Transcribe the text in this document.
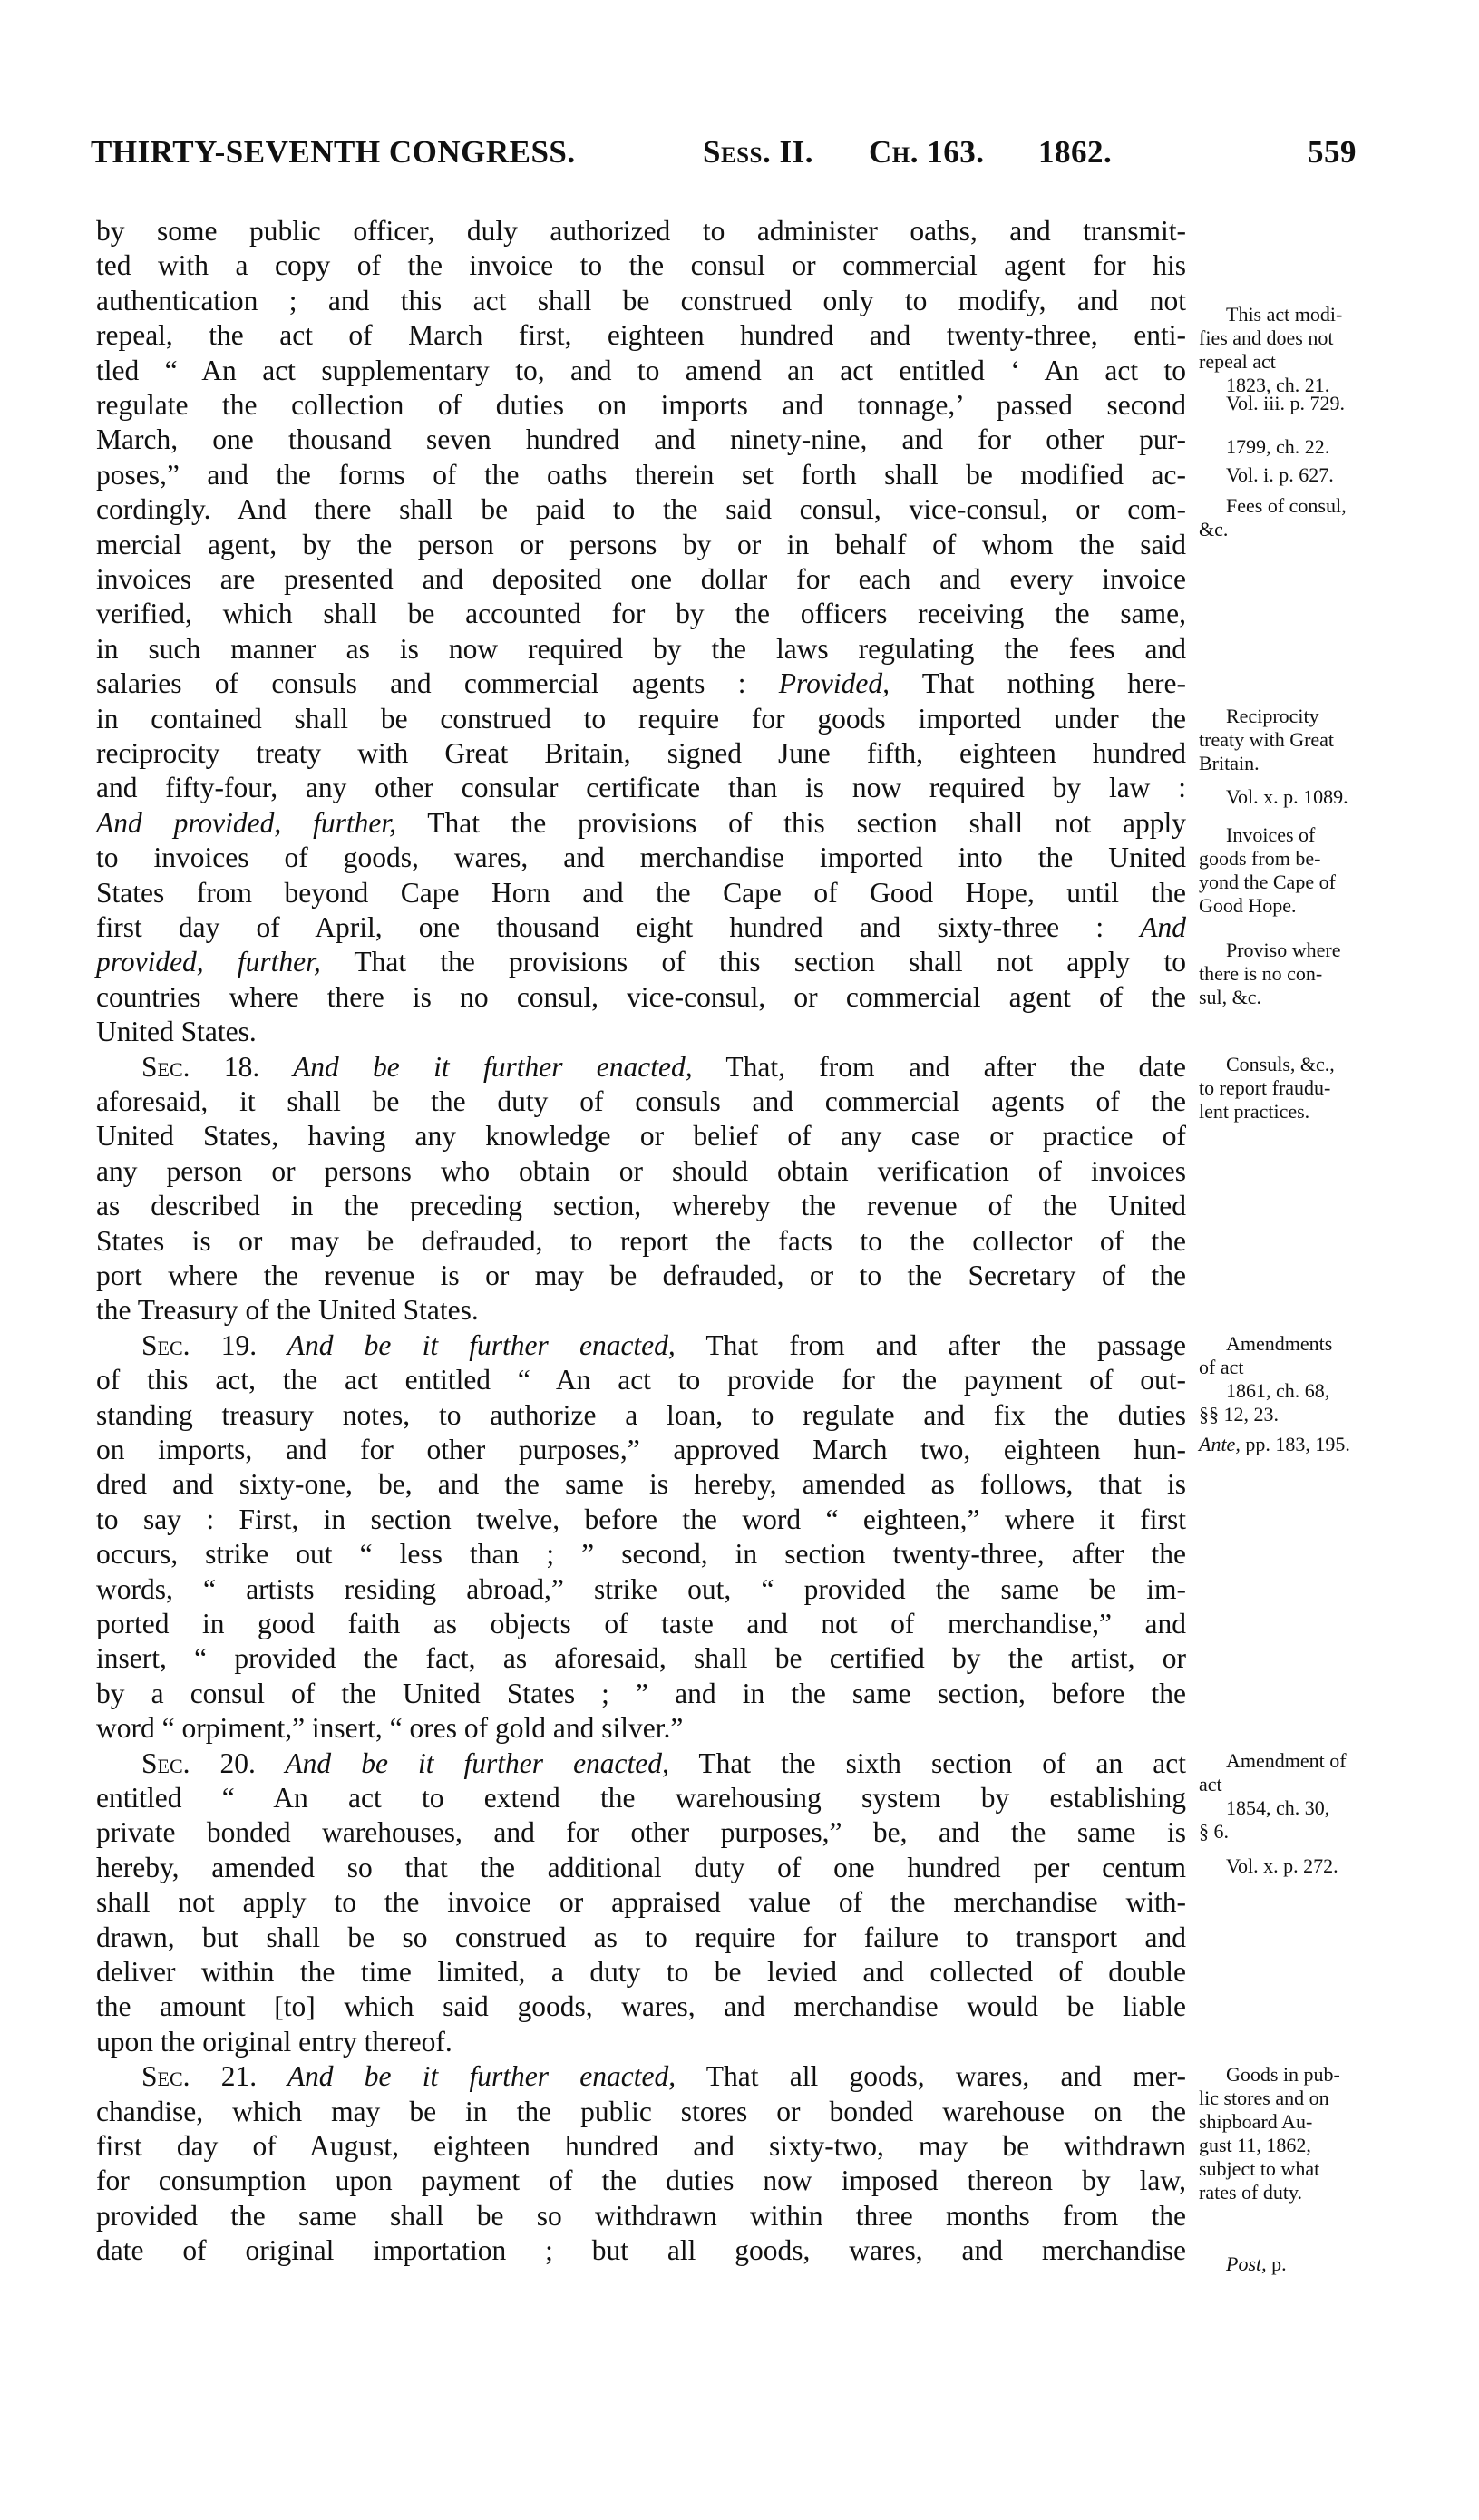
THIRTY-SEVENTH CONGRESS.	Sess. II. Ch. 163. 1862.	559
by some public officer, duly authorized to administer oaths, and transmit-
ted with a copy of the invoice to the consul or commercial agent for his
authentication ; and this act shall be construed only to modify, and not
repeal, the act of March first, eighteen hundred and twenty-three, enti-
tled “ An act supplementary to, and to amend an act entitled ‘ An act to
regulate the collection of duties on imports and tonnage,’ passed second
March, one thousand seven hundred and ninety-nine, and for other pur-
poses,” and the forms of the oaths therein set forth shall be modified ac-
cordingly. And there shall be paid to the said consul, vice-consul, or com-
mercial agent, by the person or persons by or in behalf of whom the said
invoices are presented and deposited one dollar for each and every invoice
verified, which shall be accounted for by the officers receiving the same,
in such manner as is now required by the laws regulating the fees and
salaries of consuls and commercial agents : Provided, That nothing here-
in contained shall be construed to require for goods imported under the
reciprocity treaty with Great Britain, signed June fifth, eighteen hundred
and fifty-four, any other consular certificate than is now required by law :
And provided, further, That the provisions of this section shall not apply
to invoices of goods, wares, and merchandise imported into the United
States from beyond Cape Horn and the Cape of Good Hope, until the
first day of April, one thousand eight hundred and sixty-three : And
provided, further, That the provisions of this section shall not apply to
countries where there is no consul, vice-consul, or commercial agent of the
United States.
Sec. 18. And be it further enacted, That, from and after the date
aforesaid, it shall be the duty of consuls and commercial agents of the
United States, having any knowledge or belief of any case or practice of
any person or persons who obtain or should obtain verification of invoices
as described in the preceding section, whereby the revenue of the United
States is or may be defrauded, to report the facts to the collector of the
port where the revenue is or may be defrauded, or to the Secretary of the
the Treasury of the United States.
Sec. 19. And be it further enacted, That from and after the passage
of this act, the act entitled “ An act to provide for the payment of out-
standing treasury notes, to authorize a loan, to regulate and fix the duties
on imports, and for other purposes,” approved March two, eighteen hun-
dred and sixty-one, be, and the same is hereby, amended as follows, that is
to say : First, in section twelve, before the word “ eighteen,” where it first
occurs, strike out “ less than ; ” second, in section twenty-three, after the
words, “ artists residing abroad,” strike out, “ provided the same be im-
ported in good faith as objects of taste and not of merchandise,” and
insert, “ provided the fact, as aforesaid, shall be certified by the artist, or
by a consul of the United States ; ” and in the same section, before the
word “ orpiment,” insert, “ ores of gold and silver.”
Sec. 20. And be it further enacted, That the sixth section of an act
entitled “ An act to extend the warehousing system by establishing
private bonded warehouses, and for other purposes,” be, and the same is
hereby, amended so that the additional duty of one hundred per centum
shall not apply to the invoice or appraised value of the merchandise with-
drawn, but shall be so construed as to require for failure to transport and
deliver within the time limited, a duty to be levied and collected of double
the amount [to] which said goods, wares, and merchandise would be liable
upon the original entry thereof.
Sec. 21. And be it further enacted, That all goods, wares, and mer-
chandise, which may be in the public stores or bonded warehouse on the
first day of August, eighteen hundred and sixty-two, may be withdrawn
for consumption upon payment of the duties now imposed thereon by law,
provided the same shall be so withdrawn within three months from the
date of original importation ; but all goods, wares, and merchandise
This act modi-
fies and does not
repeal act
1823, ch. 21.
Vol. iii. p. 729.
1799, ch. 22.
Vol. i. p. 627.
Fees of consul,
&c.
Reciprocity
treaty with Great
Britain.
Vol. x. p. 1089.
Invoices of
goods from be-
yond the Cape of
Good Hope.
Proviso where
there is no con-
sul, &c.
Consuls, &c.,
to report fraudu-
lent practices.
Amendments
of act
1861, ch. 68,
§§ 12, 23.
Ante, pp. 183, 195.
Amendment of
act
1854, ch. 30,
§ 6.
Vol. x. p. 272.
Goods in pub-
lic stores and on
shipboard Au-
gust 11, 1862,
subject to what
rates of duty.
Post, p.
